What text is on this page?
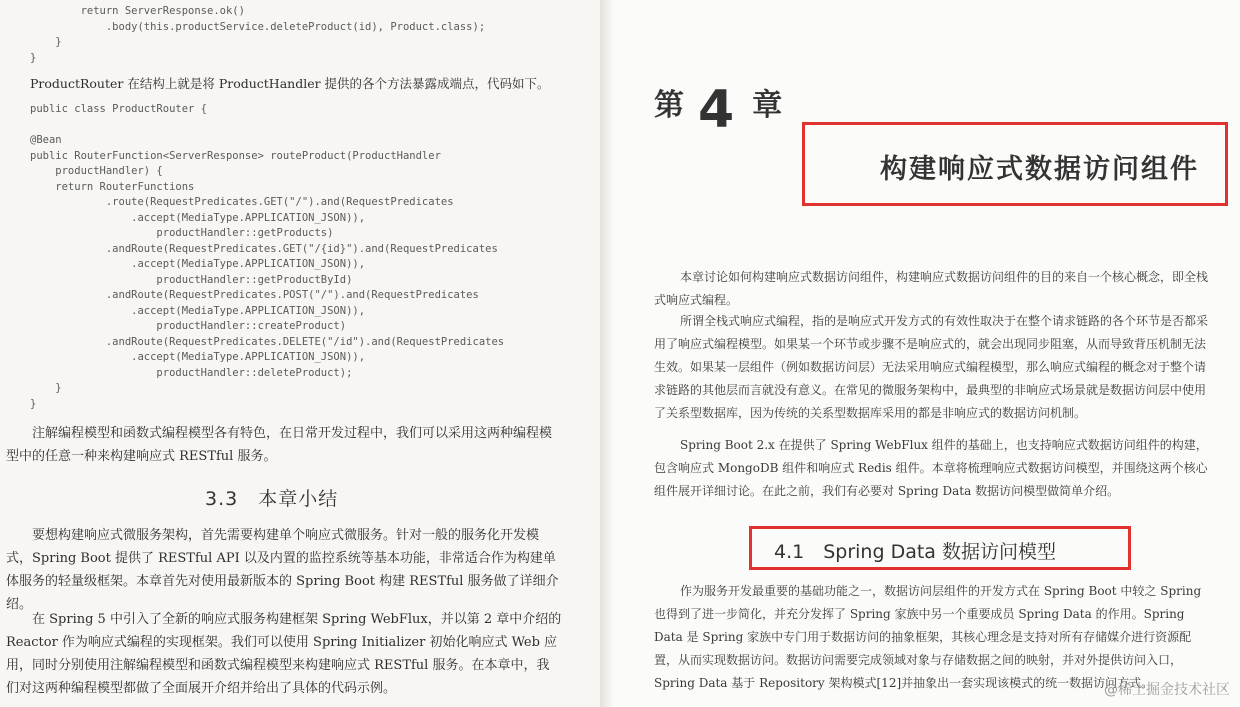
return ServerResponse.ok()
.body(this.productService.deleteProduct(id), Product.class);
}
}
ProductRouter 在结构上就是将 ProductHandler 提供的各个方法暴露成端点，代码如下。
public class ProductRouter {

@Bean
public RouterFunction<ServerResponse> routeProduct(ProductHandler
productHandler) {
return RouterFunctions
.route(RequestPredicates.GET("/").and(RequestPredicates
.accept(MediaType.APPLICATION_JSON)),
productHandler::getProducts)
.andRoute(RequestPredicates.GET("/{id}").and(RequestPredicates
.accept(MediaType.APPLICATION_JSON)),
productHandler::getProductById)
.andRoute(RequestPredicates.POST("/").and(RequestPredicates
.accept(MediaType.APPLICATION_JSON)),
productHandler::createProduct)
.andRoute(RequestPredicates.DELETE("/id").and(RequestPredicates
.accept(MediaType.APPLICATION_JSON)),
productHandler::deleteProduct);
}
}
注解编程模型和函数式编程模型各有特色，在日常开发过程中，我们可以采用这两种编程模型中的任意一种来构建响应式 RESTful 服务。
3.3　本章小结
要想构建响应式微服务架构，首先需要构建单个响应式微服务。针对一般的服务化开发模式，Spring Boot 提供了 RESTful API 以及内置的监控系统等基本功能，非常适合作为构建单体服务的轻量级框架。本章首先对使用最新版本的 Spring Boot 构建 RESTful 服务做了详细介绍。
在 Spring 5 中引入了全新的响应式服务构建框架 Spring WebFlux，并以第 2 章中介绍的 Reactor 作为响应式编程的实现框架。我们可以使用 Spring Initializer 初始化响应式 Web 应用，同时分别使用注解编程模型和函数式编程模型来构建响应式 RESTful 服务。在本章中，我们对这两种编程模型都做了全面展开介绍并给出了具体的代码示例。
第 4 章
构建响应式数据访问组件
本章讨论如何构建响应式数据访问组件，构建响应式数据访问组件的目的来自一个核心概念，即全栈式响应式编程。
所谓全栈式响应式编程，指的是响应式开发方式的有效性取决于在整个请求链路的各个环节是否都采用了响应式编程模型。如果某一个环节或步骤不是响应式的，就会出现同步阻塞，从而导致背压机制无法生效。如果某一层组件（例如数据访问层）无法采用响应式编程模型，那么响应式编程的概念对于整个请求链路的其他层而言就没有意义。在常见的微服务架构中，最典型的非响应式场景就是数据访问层中使用了关系型数据库，因为传统的关系型数据库采用的都是非响应式的数据访问机制。
Spring Boot 2.x 在提供了 Spring WebFlux 组件的基础上，也支持响应式数据访问组件的构建，包含响应式 MongoDB 组件和响应式 Redis 组件。本章将梳理响应式数据访问模型，并围绕这两个核心组件展开详细讨论。在此之前，我们有必要对 Spring Data 数据访问模型做简单介绍。
4.1　Spring Data 数据访问模型
作为服务开发最重要的基础功能之一，数据访问层组件的开发方式在 Spring Boot 中较之 Spring 也得到了进一步简化，并充分发挥了 Spring 家族中另一个重要成员 Spring Data 的作用。Spring Data 是 Spring 家族中专门用于数据访问的抽象框架，其核心理念是支持对所有存储媒介进行资源配置，从而实现数据访问。数据访问需要完成领域对象与存储数据之间的映射，并对外提供访问入口，Spring Data 基于 Repository 架构模式[12]并抽象出一套实现该模式的统一数据访问方式。
@稀土掘金技术社区
